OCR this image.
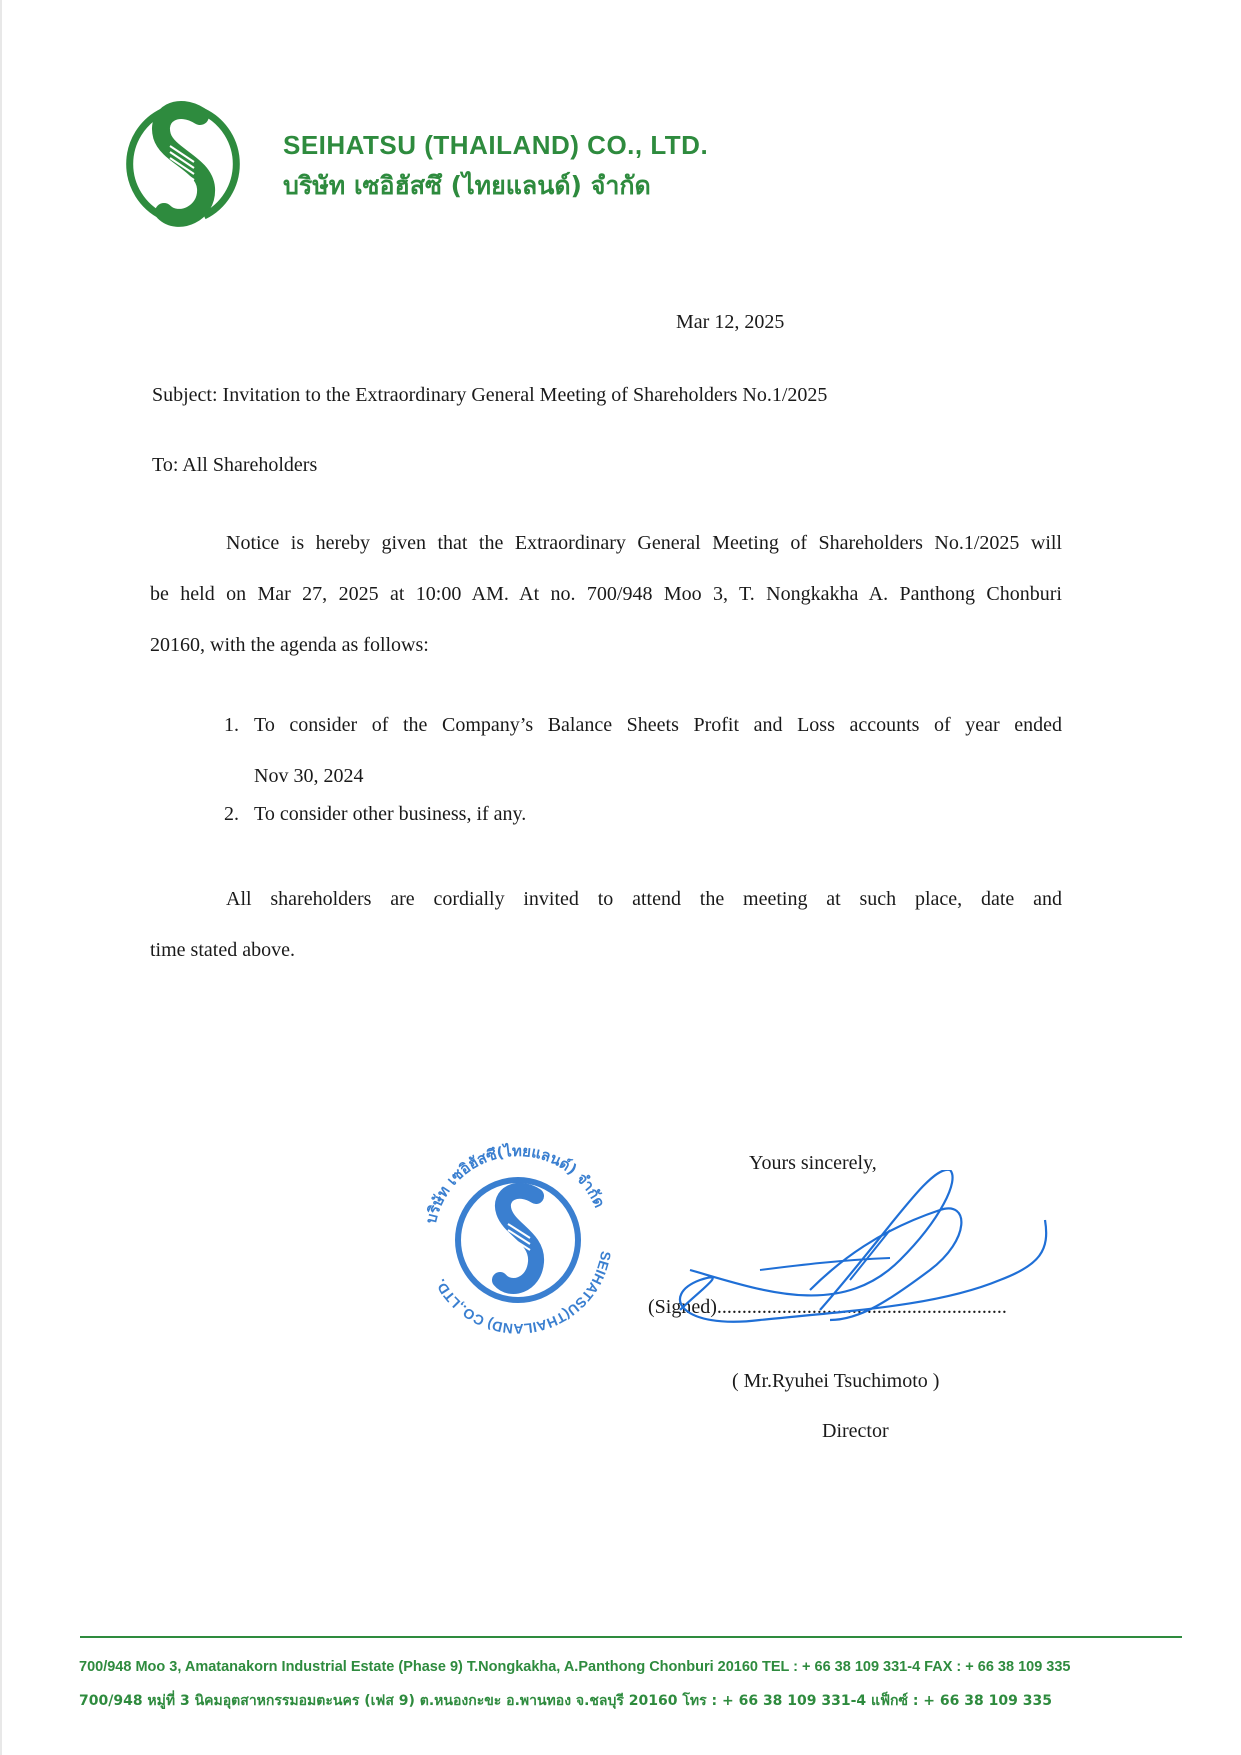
SEIHATSU (THAILAND) CO., LTD.
บริษัท เซอิฮัสซึ (ไทยแลนด์) จำกัด
Mar 12, 2025
Subject: Invitation to the Extraordinary General Meeting of Shareholders No.1/2025
To: All Shareholders
Notice is hereby given that the Extraordinary General Meeting of Shareholders No.1/2025 will
be held on Mar 27, 2025 at 10:00 AM. At no. 700/948 Moo 3, T. Nongkakha A. Panthong Chonburi
20160, with the agenda as follows:
1. To consider of the Company’s Balance Sheets Profit and Loss accounts of year ended
Nov 30, 2024
2. To consider other business, if any.
All shareholders are cordially invited to attend the meeting at such place, date and
time stated above.
บริษัท เซอิฮัสซึ(ไทยแลนด์) จำกัด
SEIHATSU(THAILAND) CO.,LTD.
Yours sincerely,
(Signed)..........................................................
( Mr.Ryuhei Tsuchimoto )
Director
700/948 Moo 3, Amatanakorn Industrial Estate (Phase 9) T.Nongkakha, A.Panthong Chonburi 20160 TEL : + 66 38 109 331-4 FAX : + 66 38 109 335
700/948 หมู่ที่ 3 นิคมอุตสาหกรรมอมตะนคร (เฟส 9) ต.หนองกะขะ อ.พานทอง จ.ชลบุรี 20160 โทร : + 66 38 109 331-4 แฟ็กซ์ : + 66 38 109 335
